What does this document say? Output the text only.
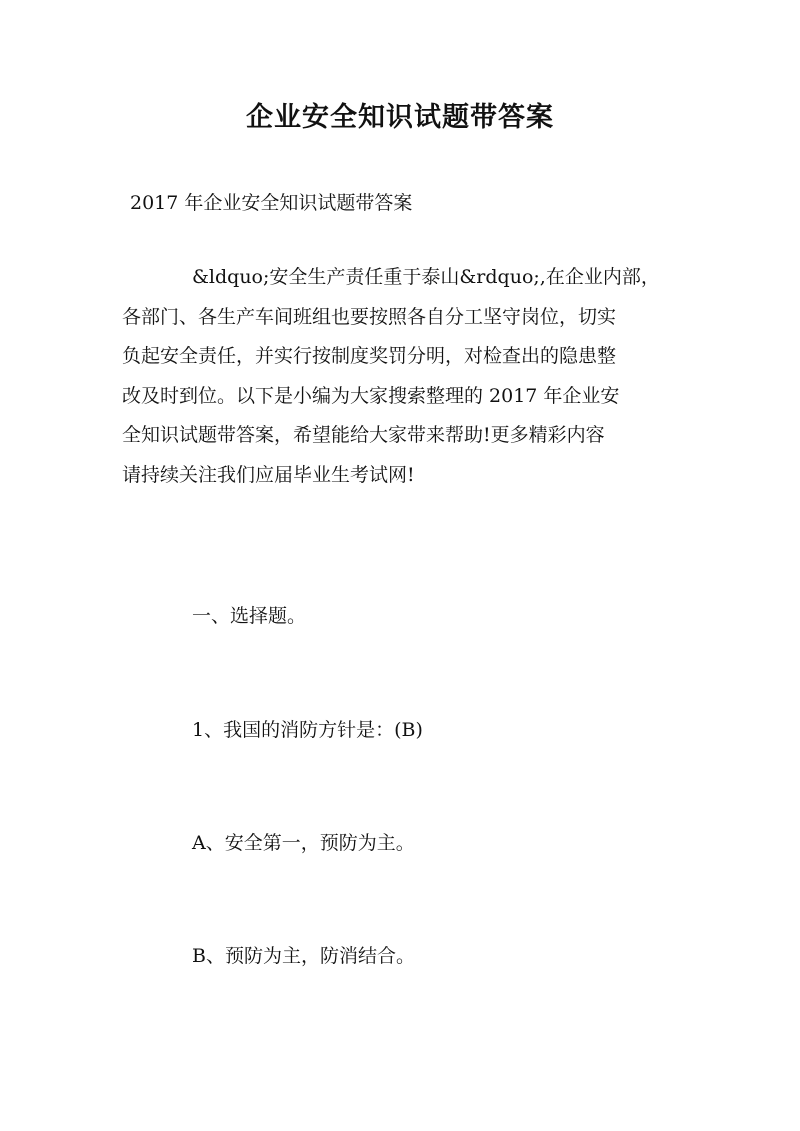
企业安全知识试题带答案
2017 年企业安全知识试题带答案
&ldquo;安全生产责任重于泰山&rdquo;,在企业内部，
各部门、各生产车间班组也要按照各自分工坚守岗位，切实
负起安全责任，并实行按制度奖罚分明，对检查出的隐患整
改及时到位。以下是小编为大家搜索整理的 2017 年企业安
全知识试题带答案，希望能给大家带来帮助!更多精彩内容
请持续关注我们应届毕业生考试网!
一、选择题。
1、我国的消防方针是：(B)
A、安全第一，预防为主。
B、预防为主，防消结合。
